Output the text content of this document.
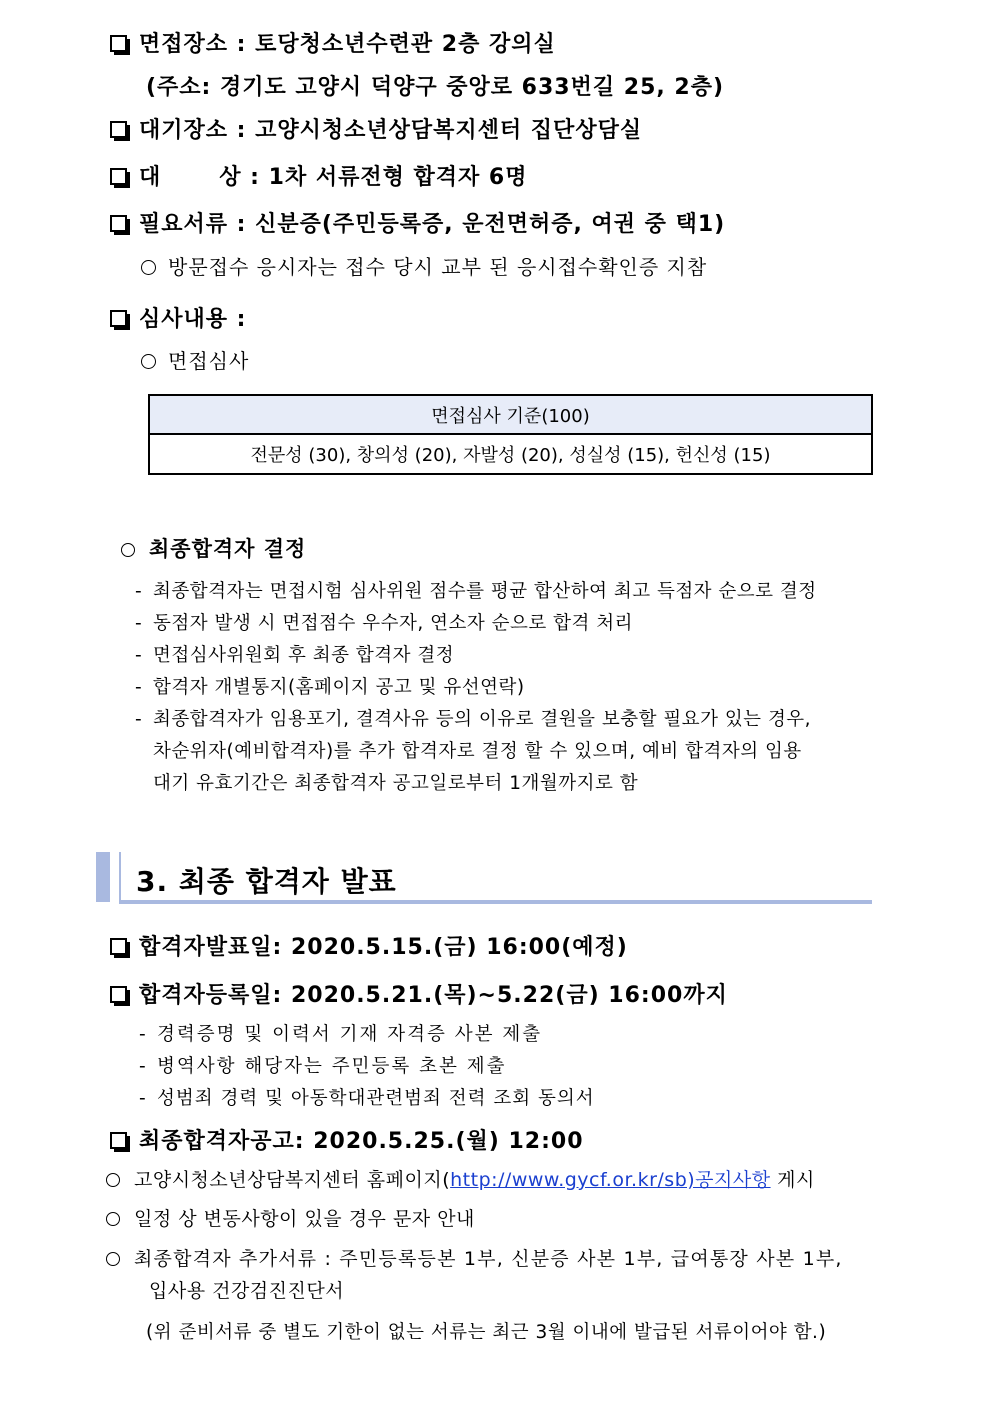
면접장소 : 토당청소년수련관 2층 강의실
(주소: 경기도 고양시 덕양구 중앙로 633번길 25, 2층)
대기장소 : 고양시청소년상담복지센터 집단상담실
대	상 : 1차 서류전형 합격자 6명
필요서류 : 신분증(주민등록증, 운전면허증, 여권 중 택1)
방문접수 응시자는 접수 당시 교부 된 응시접수확인증 지참
심사내용 :
면접심사
면접심사 기준(100)
전문성 (30), 창의성 (20), 자발성 (20), 성실성 (15), 헌신성 (15)
최종합격자 결정
- 최종합격자는 면접시험 심사위원 점수를 평균 합산하여 최고 득점자 순으로 결정
- 동점자 발생 시 면접점수 우수자, 연소자 순으로 합격 처리
- 면접심사위원회 후 최종 합격자 결정
- 합격자 개별통지(홈페이지 공고 및 유선연락)
- 최종합격자가 임용포기, 결격사유 등의 이유로 결원을 보충할 필요가 있는 경우,
차순위자(예비합격자)를 추가 합격자로 결정 할 수 있으며, 예비 합격자의 임용
대기 유효기간은 최종합격자 공고일로부터 1개월까지로 함
3. 최종 합격자 발표
합격자발표일: 2020.5.15.(금) 16:00(예정)
합격자등록일: 2020.5.21.(목)~5.22(금) 16:00까지
- 경력증명 및 이력서 기재 자격증 사본 제출
- 병역사항 해당자는 주민등록 초본 제출
- 성범죄 경력 및 아동학대관련범죄 전력 조회 동의서
최종합격자공고: 2020.5.25.(월) 12:00
고양시청소년상담복지센터 홈페이지(http://www.gycf.or.kr/sb)공지사항 게시
일정 상 변동사항이 있을 경우 문자 안내
최종합격자 추가서류 : 주민등록등본 1부, 신분증 사본 1부, 급여통장 사본 1부,
입사용 건강검진진단서
(위 준비서류 중 별도 기한이 없는 서류는 최근 3월 이내에 발급된 서류이어야 함.)
